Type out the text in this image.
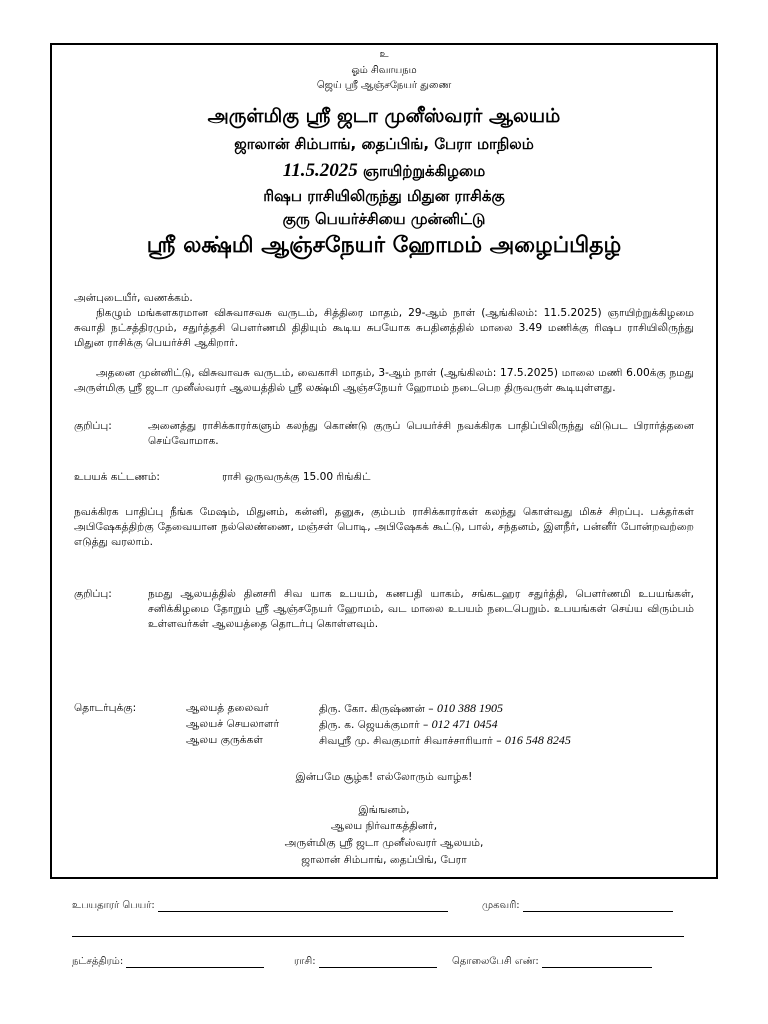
உ
ஓம் சிவாயநம
ஜெய் ஸ்ரீ ஆஞ்சநேயர் துணை
அருள்மிகு ஸ்ரீ ஜடா முனீஸ்வரர் ஆலயம்
ஜாலான் சிம்பாங், தைப்பிங், பேரா மாநிலம்
11.5.2025 ஞாயிற்றுக்கிழமை
ரிஷப ராசியிலிருந்து மிதுன ராசிக்கு
குரு பெயர்ச்சியை முன்னிட்டு
ஸ்ரீ லக்ஷ்மி ஆஞ்சநேயர் ஹோமம் அழைப்பிதழ்
அன்புடையீர், வணக்கம்.
நிகழும் மங்களகரமான விசுவாசவசு வருடம், சித்திரை மாதம், 29-ஆம் நாள் (ஆங்கிலம்: 11.5.2025) ஞாயிற்றுக்கிழமை சுவாதி நட்சத்திரமும், சதுர்த்தசி பௌர்ணமி திதியும் கூடிய சுபயோக சுபதினத்தில் மாலை 3.49 மணிக்கு ரிஷப ராசியிலிருந்து மிதுன ராசிக்கு பெயர்ச்சி ஆகிறார்.
அதனை முன்னிட்டு, விசுவாவசு வருடம், வைகாசி மாதம், 3-ஆம் நாள் (ஆங்கிலம்: 17.5.2025) மாலை மணி 6.00க்கு நமது அருள்மிகு ஸ்ரீ ஜடா முனீஸ்வரர் ஆலயத்தில் ஸ்ரீ லக்ஷ்மி ஆஞ்சநேயர் ஹோமம் நடைபெற திருவருள் கூடியுள்ளது.
குறிப்பு:	அனைத்து ராசிக்காரர்களும் கலந்து கொண்டு குருப் பெயர்ச்சி நவக்கிரக பாதிப்பிலிருந்து விடுபட பிரார்த்தனை செய்வோமாக.
உபயக் கட்டணம்:	ராசி ஒருவருக்கு 15.00 ரிங்கிட்
நவக்கிரக பாதிப்பு நீங்க மேஷம், மிதுனம், கன்னி, தனுசு, கும்பம் ராசிக்காரர்கள் கலந்து கொள்வது மிகச் சிறப்பு. பக்தர்கள் அபிஷேகத்திற்கு தேவையான நல்லெண்ணை, மஞ்சள் பொடி, அபிஷேகக் கூட்டு, பால், சந்தனம், இளநீர், பன்னீர் போன்றவற்றை எடுத்து வரலாம்.
குறிப்பு:	நமது ஆலயத்தில் தினசரி சிவ யாக உபயம், கணபதி யாகம், சங்கடஹர சதுர்த்தி, பௌர்ணமி உபயங்கள், சனிக்கிழமை தோறும் ஸ்ரீ ஆஞ்சநேயர் ஹோமம், வட மாலை உபயம் நடைபெறும். உபயங்கள் செய்ய விரும்பம் உள்ளவர்கள் ஆலயத்தை தொடர்பு கொள்ளவும்.
தொடர்புக்கு:	ஆலயத் தலைவர்	திரு. கோ. கிருஷ்ணன் – 010 388 1905
ஆலயச் செயலாளர்	திரு. க. ஜெயக்குமார் – 012 471 0454
ஆலய குருக்கள்	சிவஸ்ரீ மு. சிவகுமார் சிவாச்சாரியார் – 016 548 8245
இன்பமே சூழ்க! எல்லோரும் வாழ்க!
இங்ஙனம்,
ஆலய நிர்வாகத்தினர்,
அருள்மிகு ஸ்ரீ ஜடா முனீஸ்வரர் ஆலயம்,
ஜாலான் சிம்பாங், தைப்பிங், பேரா
உபயதாரர் பெயர்:	முகவரி:
நட்சத்திரம்:	ராசி:	தொலைபேசி எண்:
